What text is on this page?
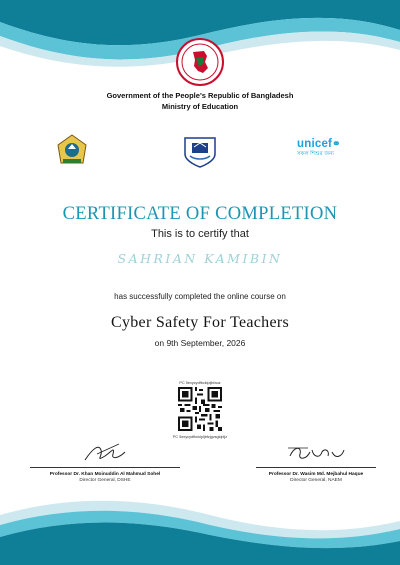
Government of the People's Republic of Bangladesh
Ministry of Education
unicef⚭
সকল শিশুর জন্য
CERTIFICATE OF COMPLETION
This is to certify that
SAHRIAN KAMIBIN
has successfully completed the online course on
Cyber Safety For Teachers
on 9th September, 2026
PC 5exycydfbcklpljbfauz
PC 5exycydfbcklpljbfzjgvsgklpljz
Professor Dr. Khan Moinuddin Al Mahmud Sohel
Director General, DSHE
Professor Dr. Wasim Md. Mejbahul Haque
Director General, NAEM
